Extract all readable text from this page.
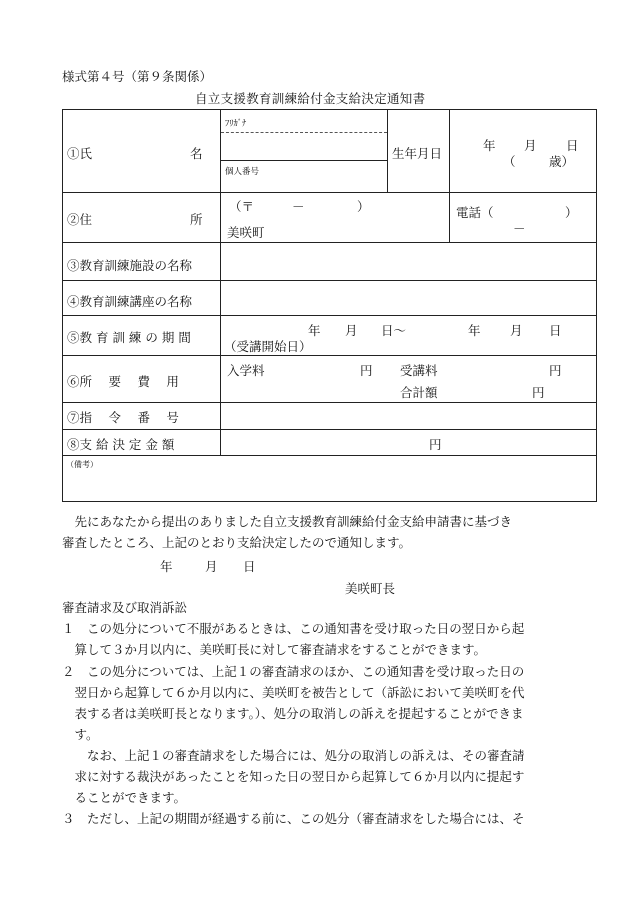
様式第４号（第９条関係）
自立支援教育訓練給付金支給決定通知書
①氏	名
ﾌﾘｶﾞﾅ
個人番号
生年月日
年 月 日
（	歳）
②住	所
（〒	－	）
美咲町
電話（	）
－
③教育訓練施設の名称
④教育訓練講座の名称
⑤教 育 訓 練 の 期 間	年 月 日～	年 月 日
（受講開始日）
⑥所　 要 　費 　用
入学料	円 受講料	円
合計額	円
⑦指　 令 　番 　号
⑧支 給 決 定 金 額	円
（備考）
　先にあなたから提出のありました自立支援教育訓練給付金支給申請書に基づき
審査したところ、上記のとおり支給決定したので通知します。
年	月 日
美咲町長
審査請求及び取消訴訟
１　この処分について不服があるときは、この通知書を受け取った日の翌日から起
　算して３か月以内に、美咲町長に対して審査請求をすることができます。
２　この処分については、上記１の審査請求のほか、この通知書を受け取った日の
　翌日から起算して６か月以内に、美咲町を被告として（訴訟において美咲町を代
　表する者は美咲町長となります。）、処分の取消しの訴えを提起することができま
　す。
　　なお、上記１の審査請求をした場合には、処分の取消しの訴えは、その審査請
　求に対する裁決があったことを知った日の翌日から起算して６か月以内に提起す
　ることができます。
３　ただし、上記の期間が経過する前に、この処分（審査請求をした場合には、そ
